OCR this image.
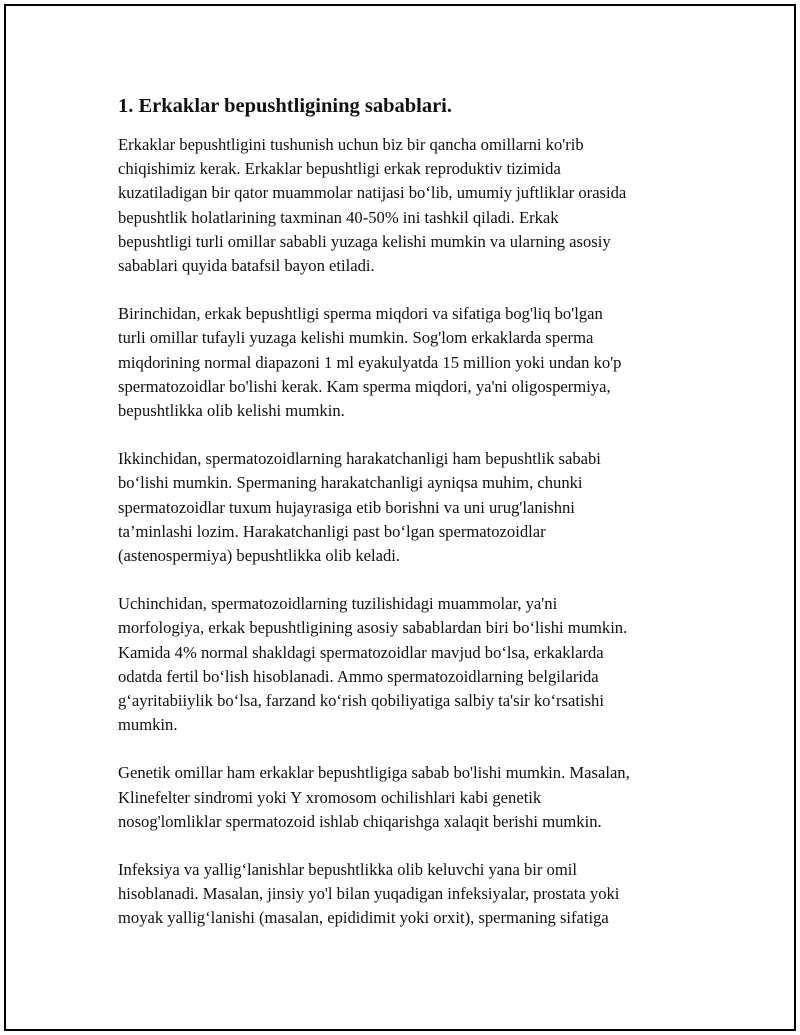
1. Erkaklar bepushtligining sabablari.
Erkaklar bepushtligini tushunish uchun biz bir qancha omillarni ko'rib
chiqishimiz kerak. Erkaklar bepushtligi erkak reproduktiv tizimida
kuzatiladigan bir qator muammolar natijasi bo‘lib, umumiy juftliklar orasida
bepushtlik holatlarining taxminan 40-50% ini tashkil qiladi. Erkak
bepushtligi turli omillar sababli yuzaga kelishi mumkin va ularning asosiy
sabablari quyida batafsil bayon etiladi.
Birinchidan, erkak bepushtligi sperma miqdori va sifatiga bog'liq bo'lgan
turli omillar tufayli yuzaga kelishi mumkin. Sog'lom erkaklarda sperma
miqdorining normal diapazoni 1 ml eyakulyatda 15 million yoki undan ko'p
spermatozoidlar bo'lishi kerak. Kam sperma miqdori, ya'ni oligospermiya,
bepushtlikka olib kelishi mumkin.
Ikkinchidan, spermatozoidlarning harakatchanligi ham bepushtlik sababi
bo‘lishi mumkin. Spermaning harakatchanligi ayniqsa muhim, chunki
spermatozoidlar tuxum hujayrasiga etib borishni va uni urug'lanishni
ta’minlashi lozim. Harakatchanligi past bo‘lgan spermatozoidlar
(astenospermiya) bepushtlikka olib keladi.
Uchinchidan, spermatozoidlarning tuzilishidagi muammolar, ya'ni
morfologiya, erkak bepushtligining asosiy sabablardan biri bo‘lishi mumkin.
Kamida 4% normal shakldagi spermatozoidlar mavjud bo‘lsa, erkaklarda
odatda fertil bo‘lish hisoblanadi. Ammo spermatozoidlarning belgilarida
g‘ayritabiiylik bo‘lsa, farzand ko‘rish qobiliyatiga salbiy ta'sir ko‘rsatishi
mumkin.
Genetik omillar ham erkaklar bepushtligiga sabab bo'lishi mumkin. Masalan,
Klinefelter sindromi yoki Y xromosom ochilishlari kabi genetik
nosog'lomliklar spermatozoid ishlab chiqarishga xalaqit berishi mumkin.
Infeksiya va yallig‘lanishlar bepushtlikka olib keluvchi yana bir omil
hisoblanadi. Masalan, jinsiy yo'l bilan yuqadigan infeksiyalar, prostata yoki
moyak yallig‘lanishi (masalan, epididimit yoki orxit), spermaning sifatiga
